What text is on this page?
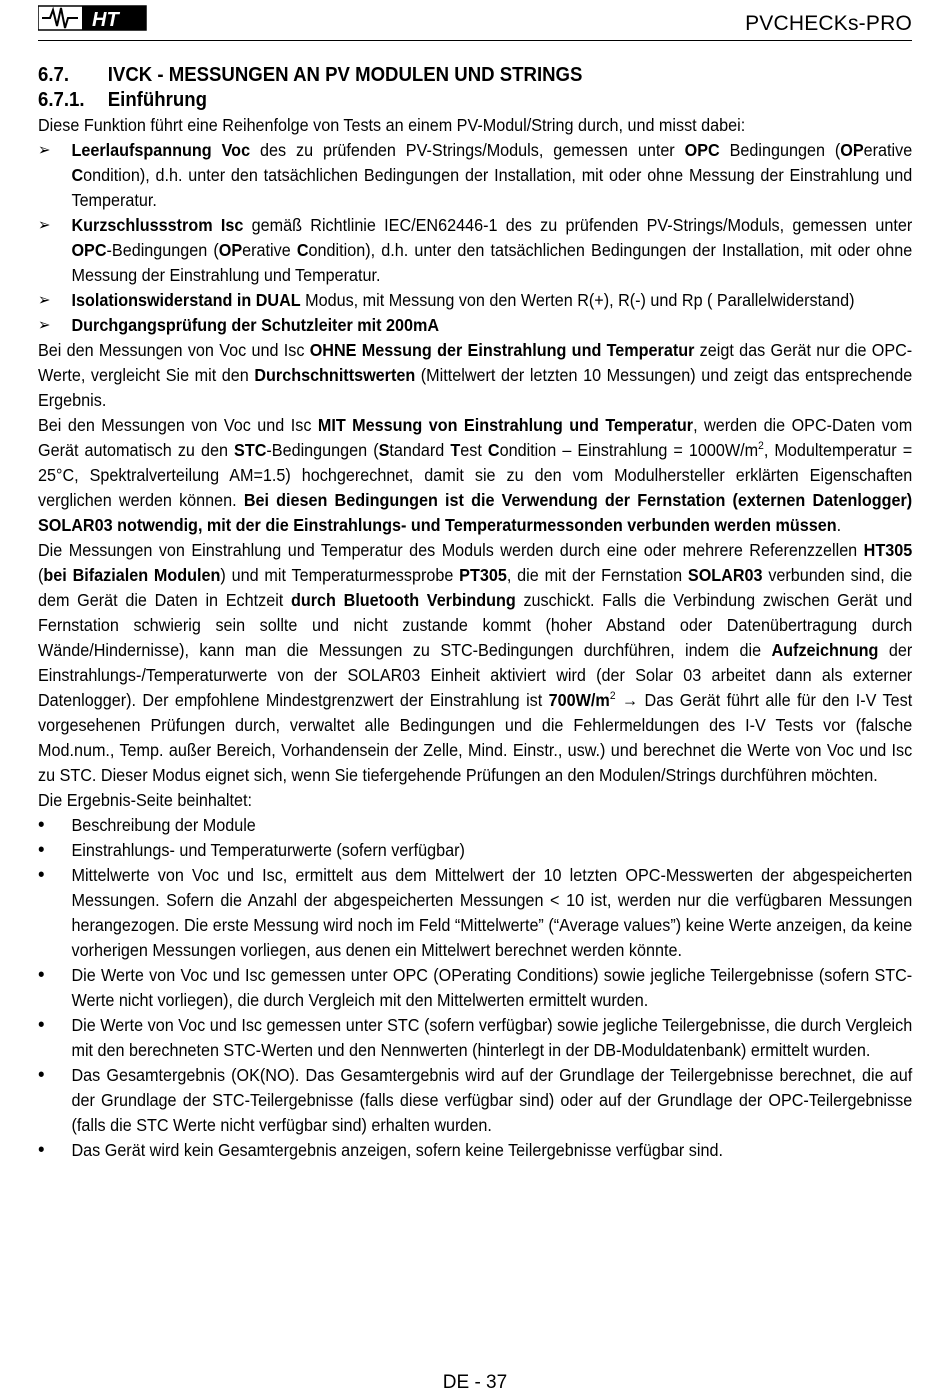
HT	PVCHECKs-PRO
6.7. IVCK - MESSUNGEN AN PV MODULEN UND STRINGS
6.7.1. Einführung

Diese Funktion führt eine Reihenfolge von Tests an einem PV-Modul/String durch, und misst dabei:

➢	Leerlaufspannung Voc des zu prüfenden PV-Strings/Moduls, gemessen unter OPC Bedingungen (OPerative Condition), d.h. unter den tatsächlichen Bedingungen der Installation, mit oder ohne Messung der Einstrahlung und Temperatur.
➢	Kurzschlussstrom Isc gemäß Richtlinie IEC/EN62446-1 des zu prüfenden PV-Strings/Moduls, gemessen unter OPC-Bedingungen (OPerative Condition), d.h. unter den tatsächlichen Bedingungen der Installation, mit oder ohne Messung der Einstrahlung und Temperatur.
➢	Isolationswiderstand in DUAL Modus, mit Messung von den Werten R(+), R(-) und Rp ( Parallelwiderstand)
➢	Durchgangsprüfung der Schutzleiter mit 200mA

Bei den Messungen von Voc und Isc OHNE Messung der Einstrahlung und Temperatur zeigt das Gerät nur die OPC-Werte, vergleicht Sie mit den Durchschnittswerten (Mittelwert der letzten 10 Messungen) und zeigt das entsprechende Ergebnis.

Bei den Messungen von Voc und Isc MIT Messung von Einstrahlung und Temperatur, werden die OPC-Daten vom Gerät automatisch zu den STC-Bedingungen (Standard Test Condition – Einstrahlung = $1000W/m^2$, Modultemperatur = 25°C, Spektralverteilung AM=1.5) hochgerechnet, damit sie zu den vom Modulhersteller erklärten Eigenschaften verglichen werden können. Bei diesen Bedingungen ist die Verwendung der Fernstation (externen Datenlogger) SOLAR03 notwendig, mit der die Einstrahlungs- und Temperaturmessonden verbunden werden müssen.

Die Messungen von Einstrahlung und Temperatur des Moduls werden durch eine oder mehrere Referenzzellen HT305 (bei Bifazialen Modulen) und mit Temperaturmessprobe PT305, die mit der Fernstation SOLAR03 verbunden sind, die dem Gerät die Daten in Echtzeit durch Bluetooth Verbindung zuschickt. Falls die Verbindung zwischen Gerät und Fernstation schwierig sein sollte und nicht zustande kommt (hoher Abstand oder Datenübertragung durch Wände/Hindernisse), kann man die Messungen zu STC-Bedingungen durchführen, indem die Aufzeichnung der Einstrahlungs-/Temperaturwerte von der SOLAR03 Einheit aktiviert wird (der Solar 03 arbeitet dann als externer Datenlogger). Der empfohlene Mindestgrenzwert der Einstrahlung ist $700W/m^2$ → Das Gerät führt alle für den I-V Test vorgesehenen Prüfungen durch, verwaltet alle Bedingungen und die Fehlermeldungen des I-V Tests vor (falsche Mod.num., Temp. außer Bereich, Vorhandensein der Zelle, Mind. Einstr., usw.) und berechnet die Werte von Voc und Isc zu STC. Dieser Modus eignet sich, wenn Sie tiefergehende Prüfungen an den Modulen/Strings durchführen möchten.

Die Ergebnis-Seite beinhaltet:

•	Beschreibung der Module
•	Einstrahlungs- und Temperaturwerte (sofern verfügbar)
•	Mittelwerte von Voc und Isc, ermittelt aus dem Mittelwert der 10 letzten OPC-Messwerten der abgespeicherten Messungen. Sofern die Anzahl der abgespeicherten Messungen < 10 ist, werden nur die verfügbaren Messungen herangezogen. Die erste Messung wird noch im Feld “Mittelwerte” (“Average values”) keine Werte anzeigen, da keine vorherigen Messungen vorliegen, aus denen ein Mittelwert berechnet werden könnte.
•	Die Werte von Voc und Isc gemessen unter OPC (OPerating Conditions) sowie jegliche Teilergebnisse (sofern STC-Werte nicht vorliegen), die durch Vergleich mit den Mittelwerten ermittelt wurden.
•	Die Werte von Voc und Isc gemessen unter STC (sofern verfügbar) sowie jegliche Teilergebnisse, die durch Vergleich mit den berechneten STC-Werten und den Nennwerten (hinterlegt in der DB-Moduldatenbank) ermittelt wurden.
•	Das Gesamtergebnis (OK(NO). Das Gesamtergebnis wird auf der Grundlage der Teilergebnisse berechnet, die auf der Grundlage der STC-Teilergebnisse (falls diese verfügbar sind) oder auf der Grundlage der OPC-Teilergebnisse (falls die STC Werte nicht verfügbar sind) erhalten wurden.
•	Das Gerät wird kein Gesamtergebnis anzeigen, sofern keine Teilergebnisse verfügbar sind.
DE - 37
